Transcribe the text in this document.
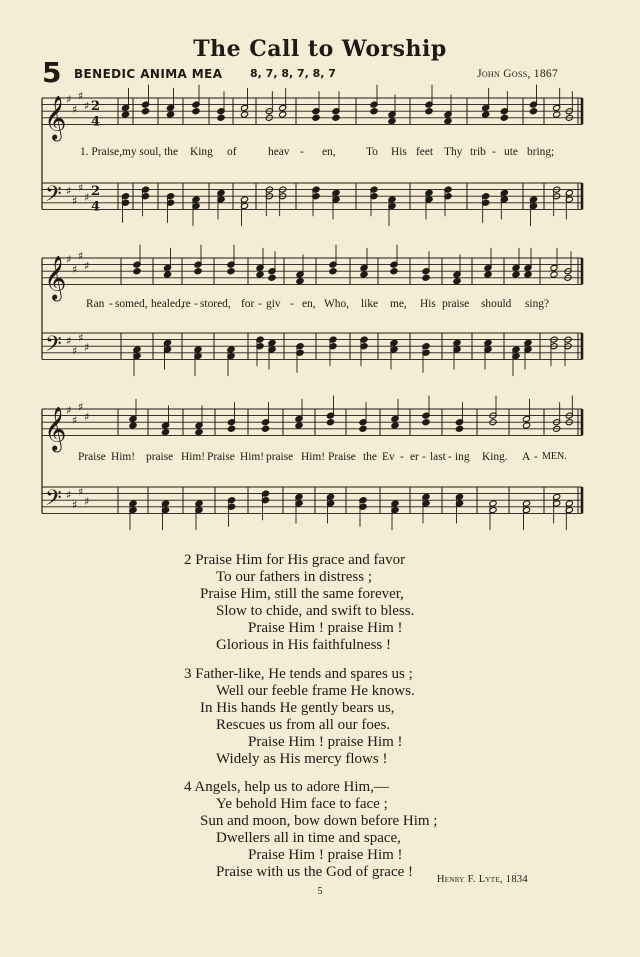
The Call to Worship
5 BENEDIC ANIMA MEA	8, 7, 8, 7, 8, 7	John Goss, 1867
𝄞 ♯
♯
♯
♯ 2
4
𝄢 ♯
♯
♯
♯ 2
4
𝄞 ♯
♯
♯
♯
𝄢 ♯
♯
♯
♯
𝄞 ♯
♯
♯
♯
𝄢 ♯
♯
♯
♯
1. Praise, my soul, the King of	heav - en,	To His feet Thy trib - ute bring;
Ran - somed, healed,
re - stored, for - giv - en, Who, like me, His praise should sing?
Praise Him! praise Him! Praise Him! praise Him! Praise the Ev - er - last - ing King. A - MEN.
2 Praise Him for His grace and favor
To our fathers in distress ;
Praise Him, still the same forever,
Slow to chide, and swift to bless.
Praise Him ! praise Him !
Glorious in His faithfulness !
3 Father-like, He tends and spares us ;
Well our feeble frame He knows.
In His hands He gently bears us,
Rescues us from all our foes.
Praise Him ! praise Him !
Widely as His mercy flows !
4 Angels, help us to adore Him,—
Ye behold Him face to face ;
Sun and moon, bow down before Him ;
Dwellers all in time and space,
Praise Him ! praise Him !
Praise with us the God of grace !	Henry F. Lyte, 1834
5
